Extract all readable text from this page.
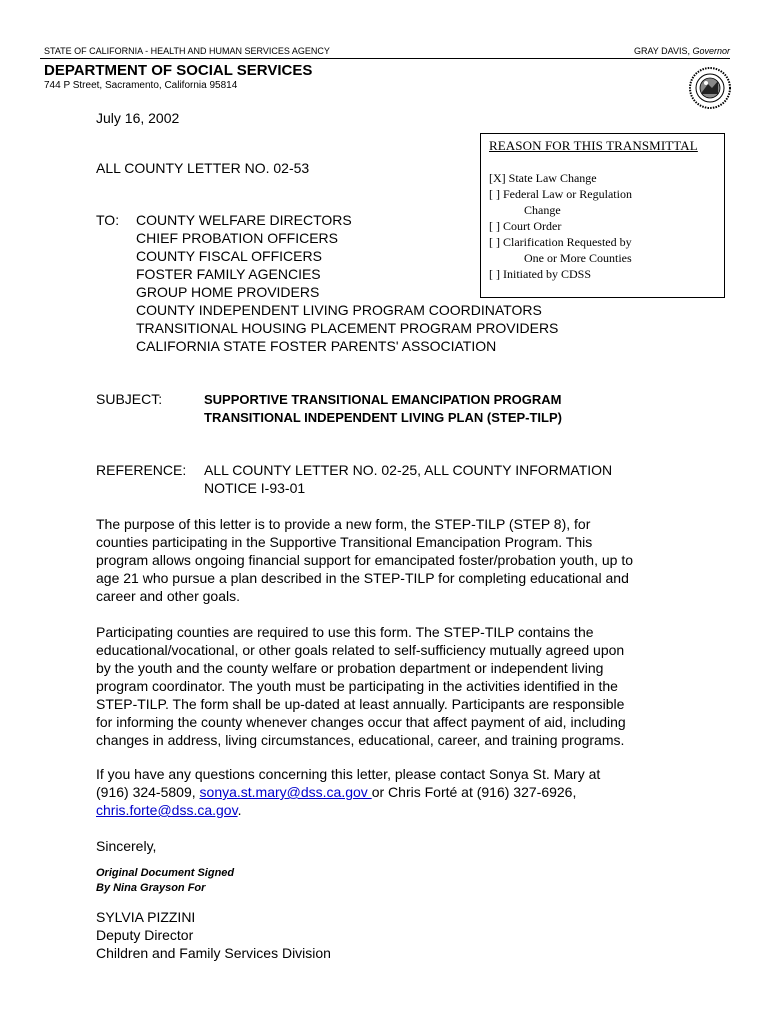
STATE OF CALIFORNIA - HEALTH AND HUMAN SERVICES AGENCY	GRAY DAVIS, Governor
DEPARTMENT OF SOCIAL SERVICES
744 P Street, Sacramento, California 95814
July 16, 2002
ALL COUNTY LETTER NO. 02-53
REASON FOR THIS TRANSMITTAL
[X] State Law Change
[ ] Federal Law or Regulation
Change
[ ] Court Order
[ ] Clarification Requested by
One or More Counties
[ ] Initiated by CDSS
TO: COUNTY WELFARE DIRECTORS
CHIEF PROBATION OFFICERS
COUNTY FISCAL OFFICERS
FOSTER FAMILY AGENCIES
GROUP HOME PROVIDERS
COUNTY INDEPENDENT LIVING PROGRAM COORDINATORS
TRANSITIONAL HOUSING PLACEMENT PROGRAM PROVIDERS
CALIFORNIA STATE FOSTER PARENTS' ASSOCIATION
SUBJECT:	SUPPORTIVE TRANSITIONAL EMANCIPATION PROGRAM
TRANSITIONAL INDEPENDENT LIVING PLAN (STEP-TILP)
REFERENCE: ALL COUNTY LETTER NO. 02-25, ALL COUNTY INFORMATION
NOTICE I-93-01
The purpose of this letter is to provide a new form, the STEP-TILP (STEP 8), for
counties participating in the Supportive Transitional Emancipation Program. This
program allows ongoing financial support for emancipated foster/probation youth, up to
age 21 who pursue a plan described in the STEP-TILP for completing educational and
career and other goals.
Participating counties are required to use this form. The STEP-TILP contains the
educational/vocational, or other goals related to self-sufficiency mutually agreed upon
by the youth and the county welfare or probation department or independent living
program coordinator. The youth must be participating in the activities identified in the
STEP-TILP. The form shall be up-dated at least annually. Participants are responsible
for informing the county whenever changes occur that affect payment of aid, including
changes in address, living circumstances, educational, career, and training programs.
If you have any questions concerning this letter, please contact Sonya St. Mary at
(916) 324-5809, sonya.st.mary@dss.ca.gov or Chris Forté at (916) 327-6926,
chris.forte@dss.ca.gov.
Sincerely,
Original Document Signed
By Nina Grayson For
SYLVIA PIZZINI
Deputy Director
Children and Family Services Division
